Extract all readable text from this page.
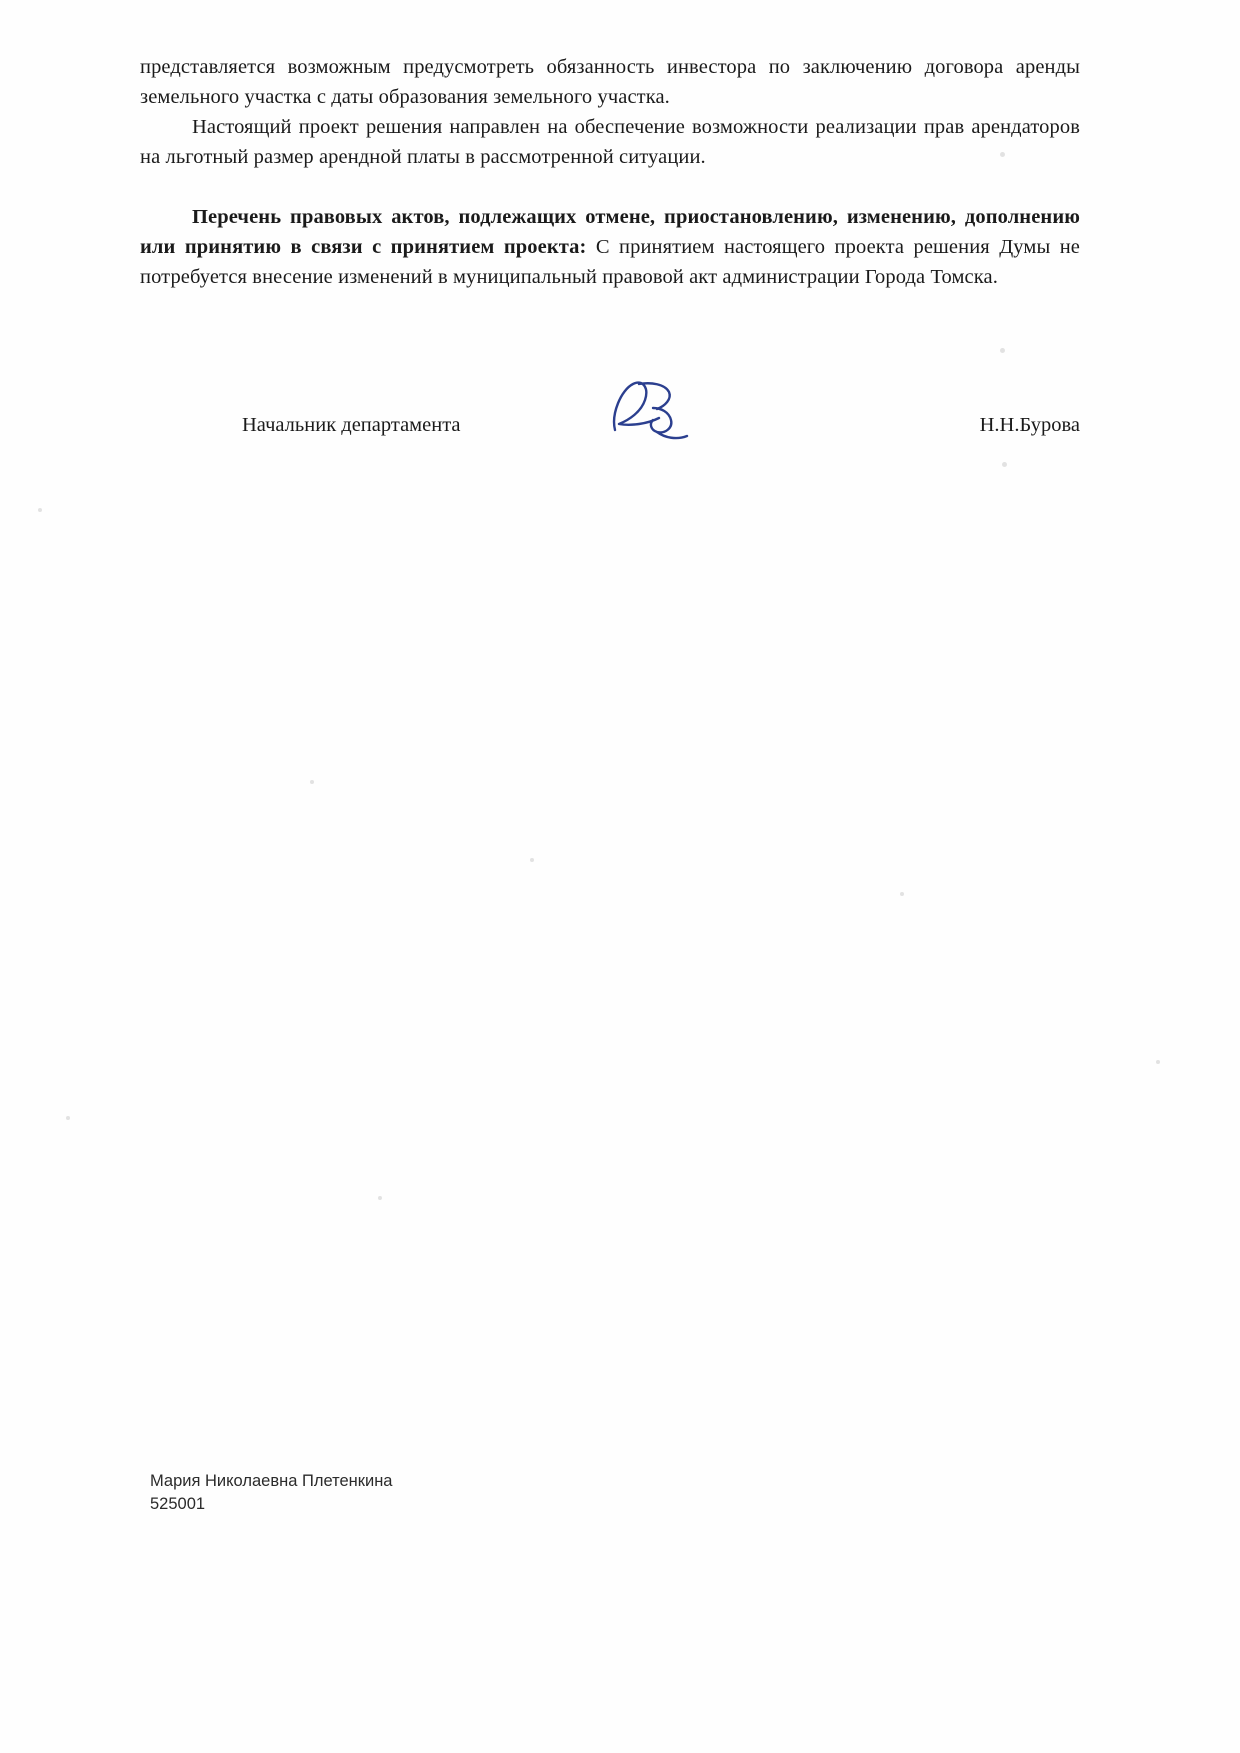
представляется возможным предусмотреть обязанность инвестора по заключению договора аренды земельного участка с даты образования земельного участка.

Настоящий проект решения направлен на обеспечение возможности реализации прав арендаторов на льготный размер арендной платы в рассмотренной ситуации.

Перечень правовых актов, подлежащих отмене, приостановлению, изменению, дополнению или принятию в связи с принятием проекта: С принятием настоящего проекта решения Думы не потребуется внесение изменений в муниципальный правовой акт администрации Города Томска.

Начальник департамента	Н.Н.Бурова
Мария Николаевна Плетенкина
525001
